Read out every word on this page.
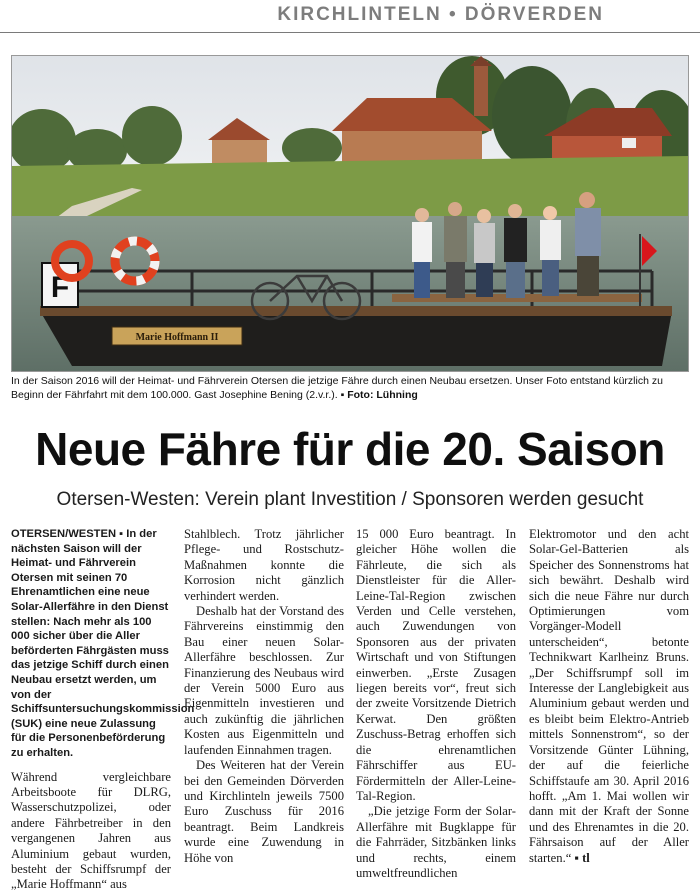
KIRCHLINTELN • DÖRVERDEN
Marie Hoffmann II
F
In der Saison 2016 will der Heimat- und Fährverein Otersen die jetzige Fähre durch einen Neubau ersetzen. Unser Foto entstand kürzlich zu Beginn der Fährfahrt mit dem 100.000. Gast Josephine Bening (2.v.r.). ▪ Foto: Lühning
Neue Fähre für die 20. Saison
Otersen-Westen: Verein plant Investition / Sponsoren werden gesucht

OTERSEN/WESTEN ▪ In der nächsten Saison will der Heimat- und Fährverein Otersen mit seinen 70 Ehrenamtlichen eine neue Solar-Allerfähre in den Dienst stellen: Nach mehr als 100 000 sicher über die Aller beförderten Fährgästen muss das jetzige Schiff durch einen Neubau ersetzt werden, um von der Schiffsuntersuchungskommission (SUK) eine neue Zulassung für die Personenbeförderung zu erhalten.

Während vergleichbare Arbeitsboote für DLRG, Wasserschutzpolizei, oder andere Fährbetreiber in den vergangenen Jahren aus Aluminium gebaut wurden, besteht der Schiffsrumpf der „Marie Hoffmann“ aus

Stahlblech. Trotz jährlicher Pflege- und Rostschutz-Maßnahmen konnte die Korrosion nicht gänzlich verhindert werden.

Deshalb hat der Vorstand des Fährvereins einstimmig den Bau einer neuen Solar-Allerfähre beschlossen. Zur Finanzierung des Neubaus wird der Verein 5000 Euro aus Eigenmitteln investieren und auch zukünftig die jährlichen Kosten aus Eigenmitteln und laufenden Einnahmen tragen.

Des Weiteren hat der Verein bei den Gemeinden Dörverden und Kirchlinteln jeweils 7500 Euro Zuschuss für 2016 beantragt. Beim Landkreis wurde eine Zuwendung in Höhe von

15 000 Euro beantragt. In gleicher Höhe wollen die Fährleute, die sich als Dienstleister für die Aller-Leine-Tal-Region zwischen Verden und Celle verstehen, auch Zuwendungen von Sponsoren aus der privaten Wirtschaft und von Stiftungen einwerben. „Erste Zusagen liegen bereits vor“, freut sich der zweite Vorsitzende Dietrich Kerwat. Den größten Zuschuss-Betrag erhoffen sich die ehrenamtlichen Fährschiffer aus EU-Fördermitteln der Aller-Leine-Tal-Region.

„Die jetzige Form der Solar-Allerfähre mit Bugklappe für die Fahrräder, Sitzbänken links und rechts, einem umweltfreundlichen

Elektromotor und den acht Solar-Gel-Batterien als Speicher des Sonnenstroms hat sich bewährt. Deshalb wird sich die neue Fähre nur durch Optimierungen vom Vorgänger-Modell unterscheiden“, betonte Technikwart Karlheinz Bruns. „Der Schiffsrumpf soll im Interesse der Langlebigkeit aus Aluminium gebaut werden und es bleibt beim Elektro-Antrieb mittels Sonnenstrom“, so der Vorsitzende Günter Lühning, der auf die feierliche Schiffstaufe am 30. April 2016 hofft. „Am 1. Mai wollen wir dann mit der Kraft der Sonne und des Ehrenamtes in die 20. Fährsaison auf der Aller starten.“ ▪ tl
